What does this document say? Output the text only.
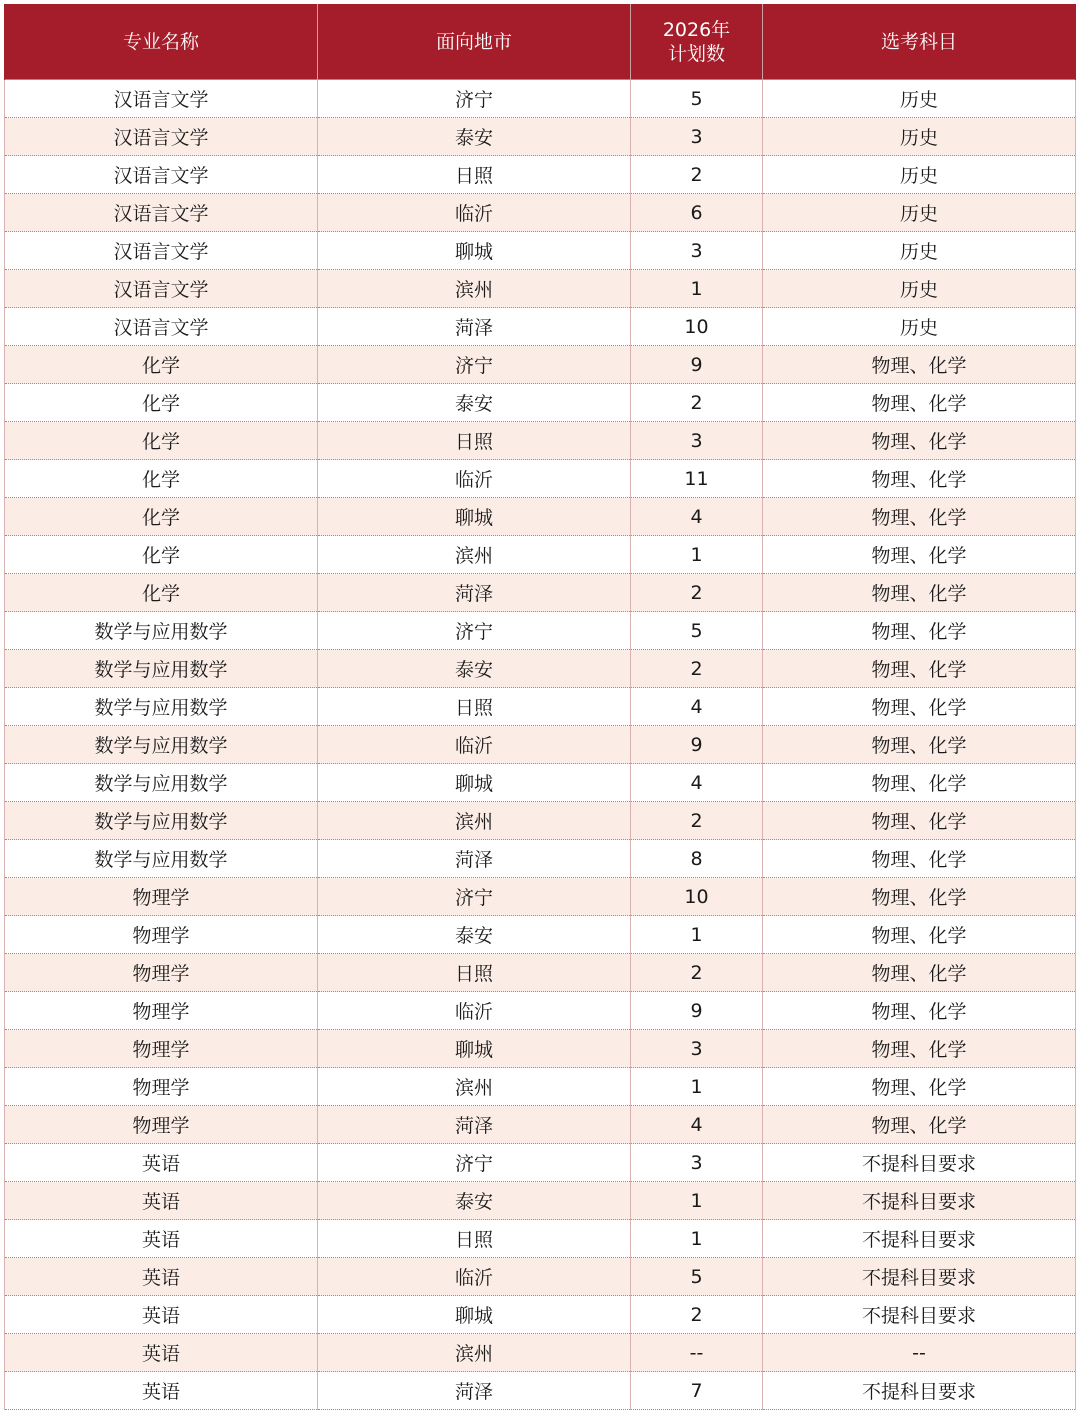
专业名称	面向地市	2026年
计划数	选考科目
汉语言文学	济宁	5	历史
汉语言文学	泰安	3	历史
汉语言文学	日照	2	历史
汉语言文学	临沂	6	历史
汉语言文学	聊城	3	历史
汉语言文学	滨州	1	历史
汉语言文学	菏泽	10	历史
化学	济宁	9	物理、化学
化学	泰安	2	物理、化学
化学	日照	3	物理、化学
化学	临沂	11	物理、化学
化学	聊城	4	物理、化学
化学	滨州	1	物理、化学
化学	菏泽	2	物理、化学
数学与应用数学	济宁	5	物理、化学
数学与应用数学	泰安	2	物理、化学
数学与应用数学	日照	4	物理、化学
数学与应用数学	临沂	9	物理、化学
数学与应用数学	聊城	4	物理、化学
数学与应用数学	滨州	2	物理、化学
数学与应用数学	菏泽	8	物理、化学
物理学	济宁	10	物理、化学
物理学	泰安	1	物理、化学
物理学	日照	2	物理、化学
物理学	临沂	9	物理、化学
物理学	聊城	3	物理、化学
物理学	滨州	1	物理、化学
物理学	菏泽	4	物理、化学
英语	济宁	3	不提科目要求
英语	泰安	1	不提科目要求
英语	日照	1	不提科目要求
英语	临沂	5	不提科目要求
英语	聊城	2	不提科目要求
英语	滨州	--	--
英语	菏泽	7	不提科目要求
